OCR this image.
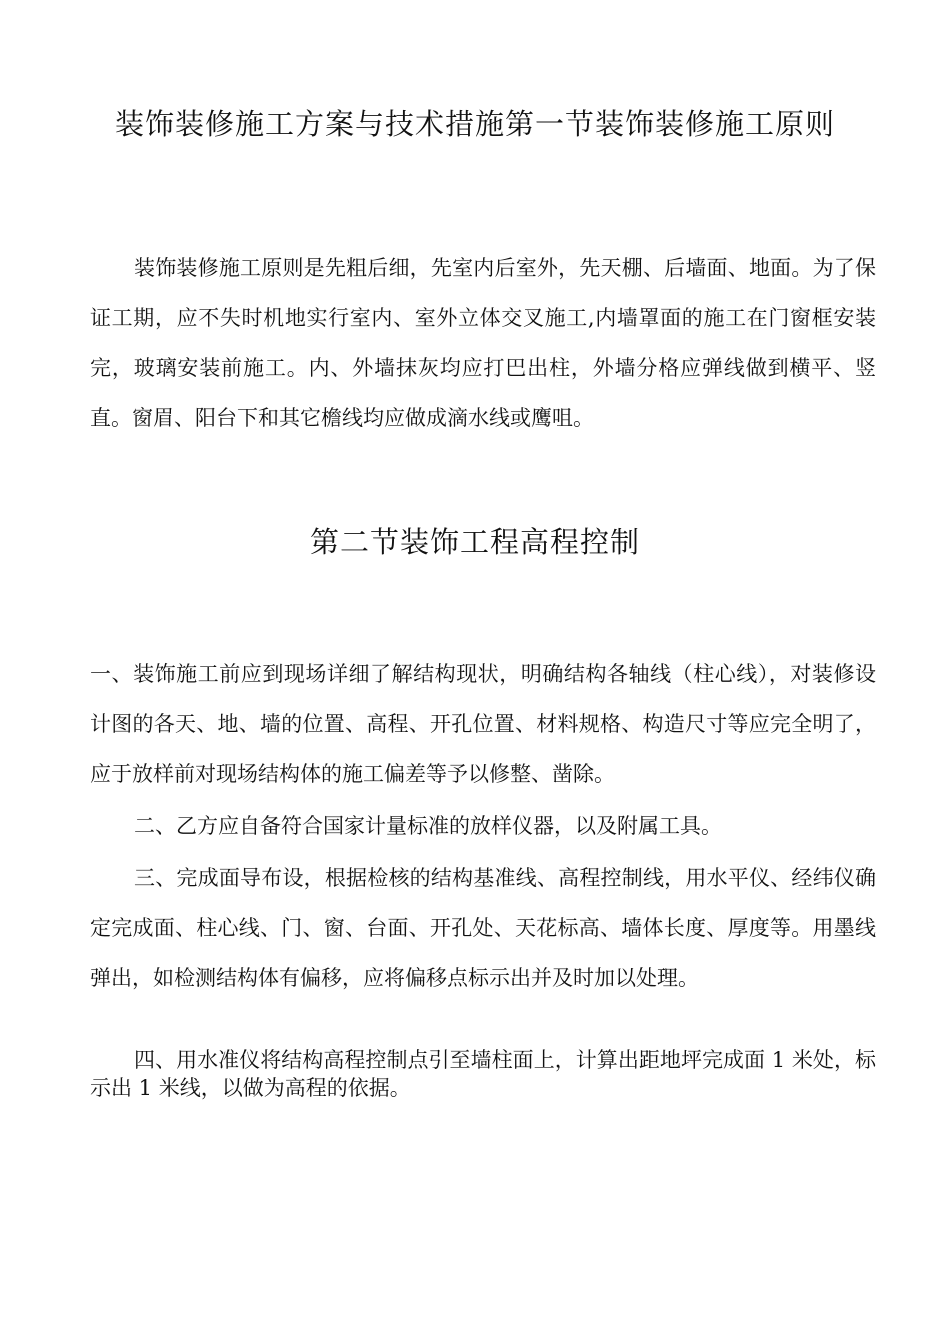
装饰装修施工方案与技术措施第一节装饰装修施工原则

装饰装修施工原则是先粗后细，先室内后室外，先天棚、后墙面、地面。为了保证工期，应不失时机地实行室内、室外立体交叉施工,内墙罩面的施工在门窗框安装完，玻璃安装前施工。内、外墙抹灰均应打巴出柱，外墙分格应弹线做到横平、竖直。窗眉、阳台下和其它檐线均应做成滴水线或鹰咀。

第二节装饰工程高程控制

一、装饰施工前应到现场详细了解结构现状，明确结构各轴线（柱心线），对装修设计图的各天、地、墙的位置、高程、开孔位置、材料规格、构造尺寸等应完全明了，应于放样前对现场结构体的施工偏差等予以修整、凿除。

二、乙方应自备符合国家计量标准的放样仪器，以及附属工具。

三、完成面导布设，根据检核的结构基准线、高程控制线，用水平仪、经纬仪确定完成面、柱心线、门、窗、台面、开孔处、天花标高、墙体长度、厚度等。用墨线弹出，如检测结构体有偏移，应将偏移点标示出并及时加以处理。

四、用水准仪将结构高程控制点引至墙柱面上，计算出距地坪完成面 1 米处，标示出 1 米线，以做为高程的依据。
